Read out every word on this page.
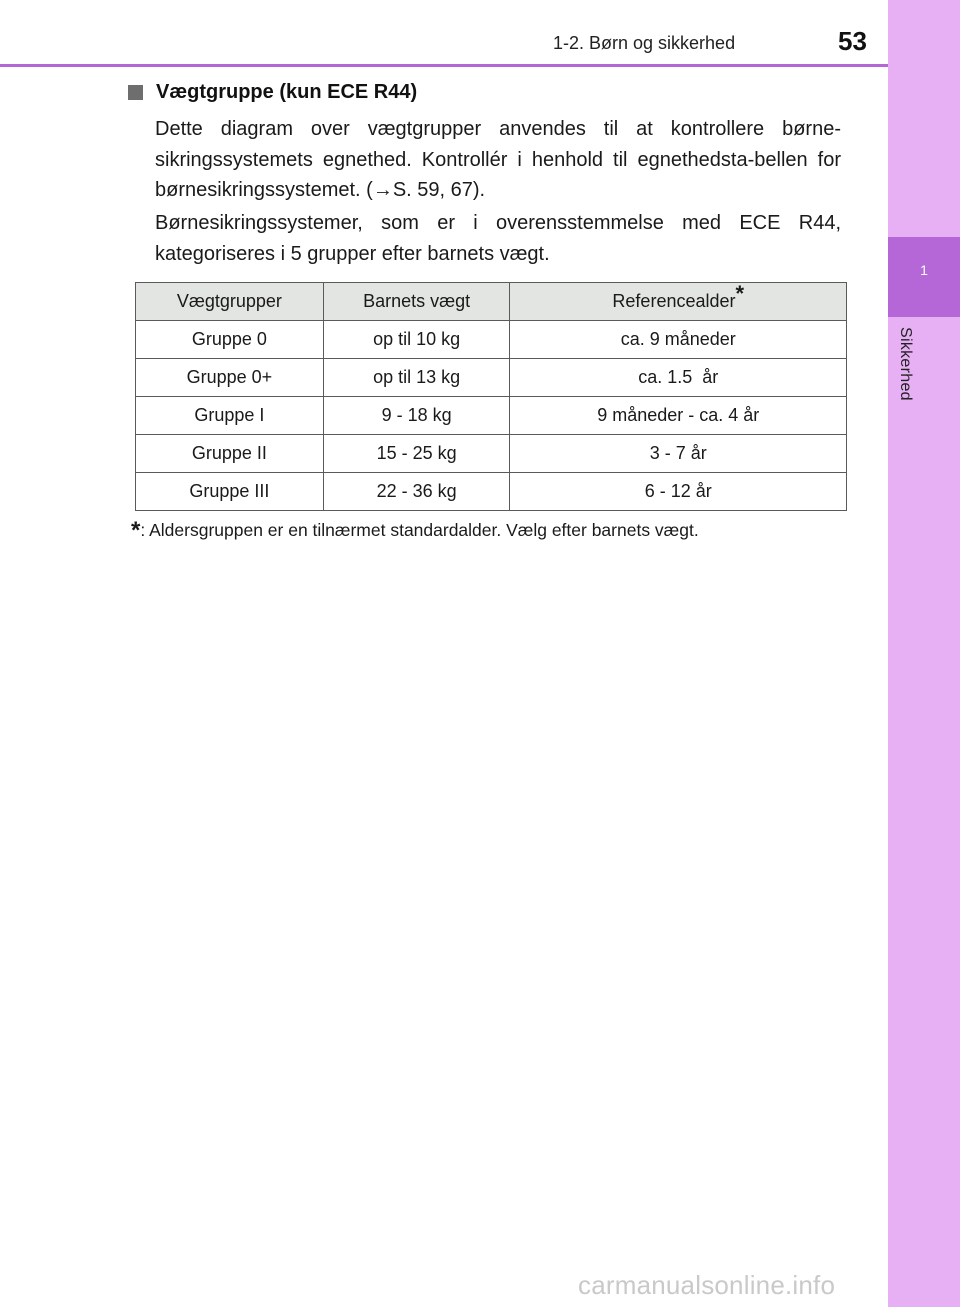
1
Sikkerhed
1-2. Børn og sikkerhed	53
Vægtgruppe (kun ECE R44)
Dette diagram over vægtgrupper anvendes til at kontrollere børne-sikringssystemets egnethed. Kontrollér i henhold til egnethedsta-bellen for børnesikringssystemet. (→S. 59, 67).
Børnesikringssystemer, som er i overensstemmelse med ECE R44, kategoriseres i 5 grupper efter barnets vægt.
Vægtgrupper	Barnets vægt	Referencealder*
Gruppe 0	op til 10 kg	ca. 9 måneder
Gruppe 0+	op til 13 kg	ca. 1.5  år
Gruppe I	9 - 18 kg	9 måneder - ca. 4 år
Gruppe II	15 - 25 kg	3 - 7 år
Gruppe III	22 - 36 kg	6 - 12 år
*: Aldersgruppen er en tilnærmet standardalder. Vælg efter barnets vægt.
carmanualsonline.info
